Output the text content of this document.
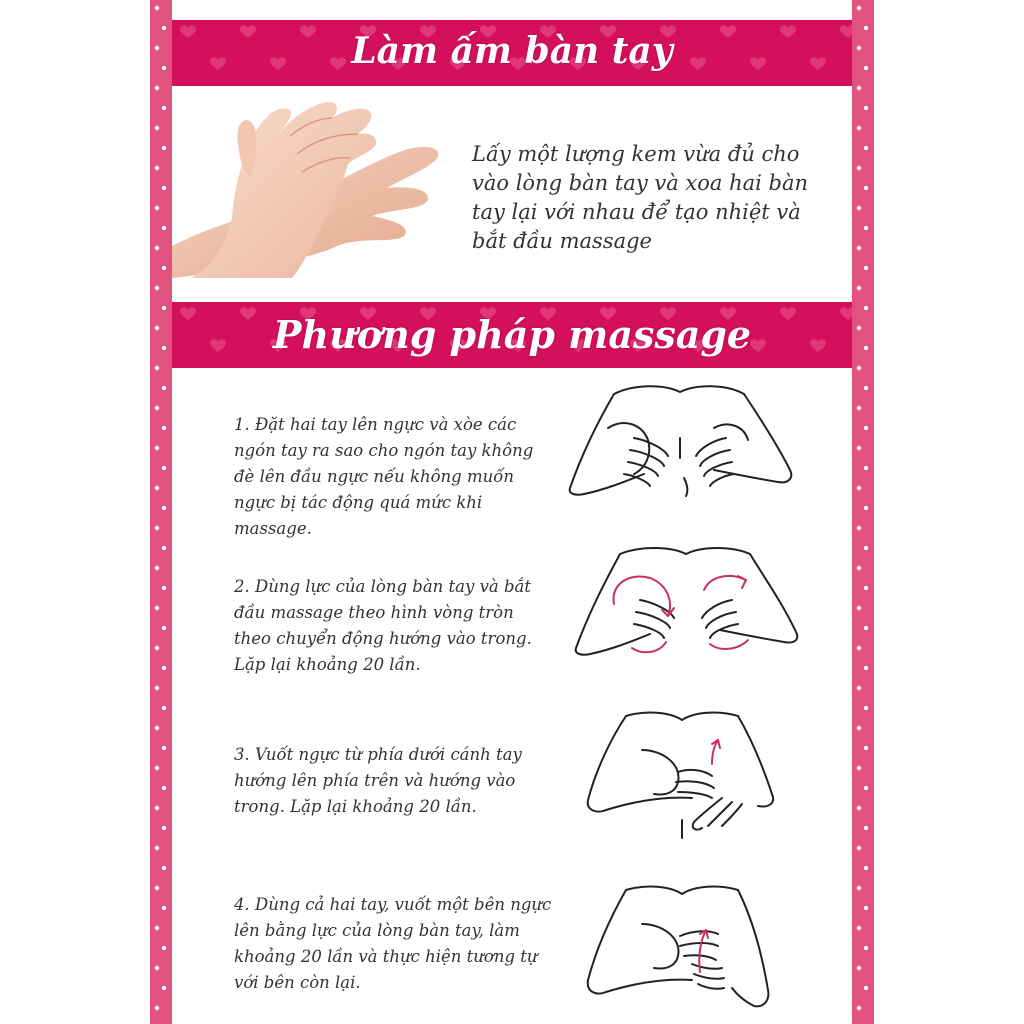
Làm ấm bàn tay
Lấy một lượng kem vừa đủ cho vào lòng bàn tay và xoa hai bàn tay lại với nhau để tạo nhiệt và bắt đầu massage
Phương pháp massage
1. Đặt hai tay lên ngực và xòe các ngón tay ra sao cho ngón tay không đè lên đầu ngực nếu không muốn ngực bị tác động quá mức khi massage.
2. Dùng lực của lòng bàn tay và bắt đầu massage theo hình vòng tròn theo chuyển động hướng vào trong. Lặp lại khoảng 20 lần.
3. Vuốt ngực từ phía dưới cánh tay hướng lên phía trên và hướng vào trong. Lặp lại khoảng 20 lần.
4. Dùng cả hai tay, vuốt một bên ngực lên bằng lực của lòng bàn tay, làm khoảng 20 lần và thực hiện tương tự với bên còn lại.
